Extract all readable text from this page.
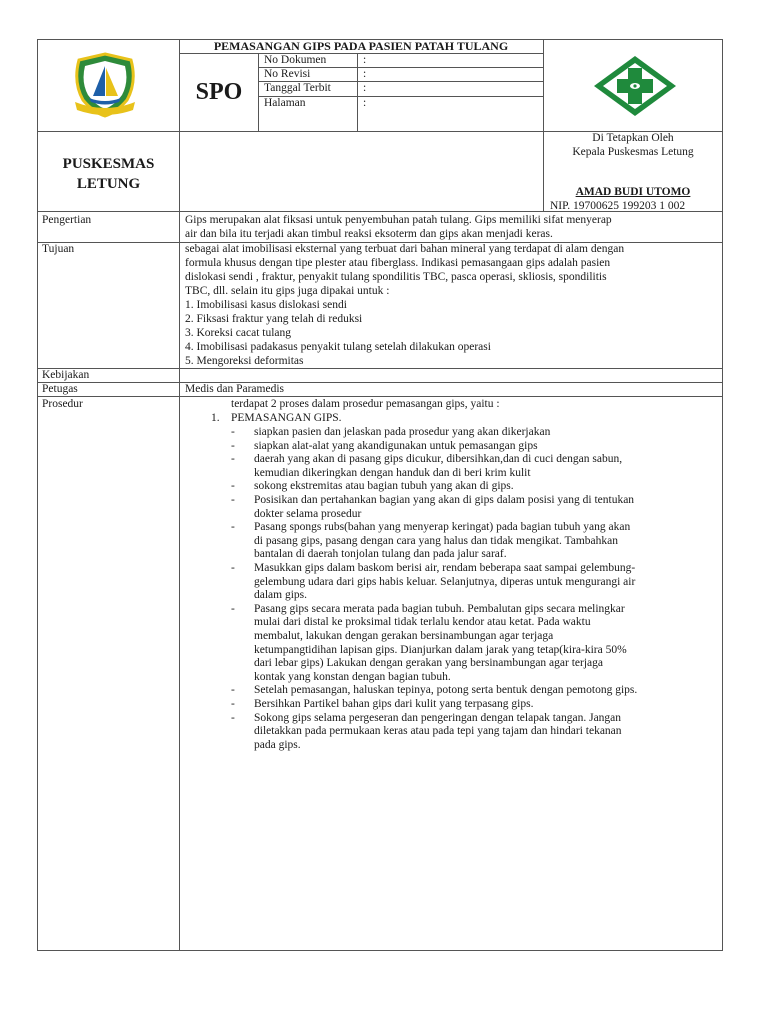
PEMASANGAN GIPS PADA PASIEN PATAH TULANG
SPO
No Dokumen	:
No Revisi	:
Tanggal Terbit	:
Halaman	:
PUSKESMAS
LETUNG
Di Tetapkan Oleh
Kepala Puskesmas Letung
AMAD BUDI UTOMO
NIP. 19700625 199203 1 002
Pengertian	Gips merupakan alat fiksasi untuk penyembuhan patah tulang. Gips memiliki sifat menyerap
air dan bila itu terjadi akan timbul reaksi eksoterm dan gips akan menjadi keras.
Tujuan	sebagai alat imobilisasi eksternal yang terbuat dari bahan mineral yang terdapat di alam dengan
formula khusus dengan tipe plester atau fiberglass. Indikasi pemasangaan gips adalah pasien
dislokasi sendi , fraktur, penyakit tulang spondilitis TBC, pasca operasi, skliosis, spondilitis
TBC, dll. selain itu gips juga dipakai untuk :
1. Imobilisasi kasus dislokasi sendi
2. Fiksasi fraktur yang telah di reduksi
3. Koreksi cacat tulang
4. Imobilisasi padakasus penyakit tulang setelah dilakukan operasi
5. Mengoreksi deformitas
Kebijakan
Petugas	Medis dan Paramedis
Prosedur	terdapat 2 proses dalam prosedur pemasangan gips, yaitu :
1. PEMASANGAN GIPS.
- siapkan pasien dan jelaskan pada prosedur yang akan dikerjakan
- siapkan alat-alat yang akandigunakan untuk pemasangan gips
- daerah yang akan di pasang gips dicukur, dibersihkan,dan di cuci dengan sabun,
kemudian dikeringkan dengan handuk dan di beri krim kulit
- sokong ekstremitas atau bagian tubuh yang akan di gips.
- Posisikan dan pertahankan bagian yang akan di gips dalam posisi yang di tentukan
dokter selama prosedur
- Pasang spongs rubs(bahan yang menyerap keringat) pada bagian tubuh yang akan
di pasang gips, pasang dengan cara yang halus dan tidak mengikat. Tambahkan
bantalan di daerah tonjolan tulang dan pada jalur saraf.
- Masukkan gips dalam baskom berisi air, rendam beberapa saat sampai gelembung-
gelembung udara dari gips habis keluar. Selanjutnya, diperas untuk mengurangi air
dalam gips.
- Pasang gips secara merata pada bagian tubuh. Pembalutan gips secara melingkar
mulai dari distal ke proksimal tidak terlalu kendor atau ketat. Pada waktu
membalut, lakukan dengan gerakan bersinambungan agar terjaga
ketumpangtidihan lapisan gips. Dianjurkan dalam jarak yang tetap(kira-kira 50%
dari lebar gips) Lakukan dengan gerakan yang bersinambungan agar terjaga
kontak yang konstan dengan bagian tubuh.
- Setelah pemasangan, haluskan tepinya, potong serta bentuk dengan pemotong gips.
- Bersihkan Partikel bahan gips dari kulit yang terpasang gips.
- Sokong gips selama pergeseran dan pengeringan dengan telapak tangan. Jangan
diletakkan pada permukaan keras atau pada tepi yang tajam dan hindari tekanan
pada gips.
